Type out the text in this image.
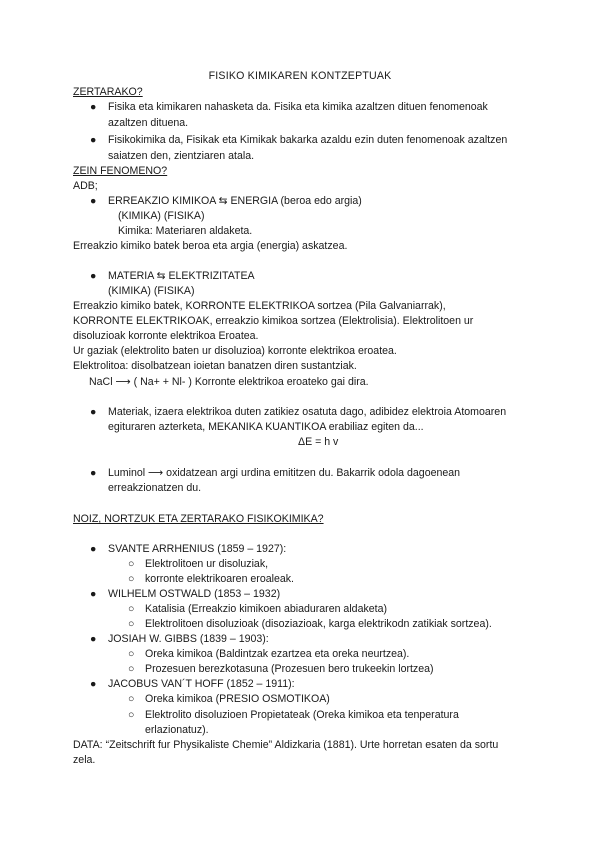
FISIKO KIMIKAREN KONTZEPTUAK
ZERTARAKO?
● Fisika eta kimikaren nahasketa da. Fisika eta kimika azaltzen dituen fenomenoak
azaltzen dituena.
● Fisikokimika da, Fisikak eta Kimikak bakarka azaldu ezin duten fenomenoak azaltzen
saiatzen den, zientziaren atala.
ZEIN FENOMENO?
ADB;
● ERREAKZIO KIMIKOA ⇆ ENERGIA (beroa edo argia)
(KIMIKA) (FISIKA)
Kimika: Materiaren aldaketa.
Erreakzio kimiko batek beroa eta argia (energia) askatzea.
● MATERIA ⇆ ELEKTRIZITATEA
(KIMIKA) (FISIKA)
Erreakzio kimiko batek, KORRONTE ELEKTRIKOA sortzea (Pila Galvaniarrak),
KORRONTE ELEKTRIKOAK, erreakzio kimikoa sortzea (Elektrolisia). Elektrolitoen ur
disoluzioak korronte elektrikoa Eroatea.
Ur gaziak (elektrolito baten ur disoluzioa) korronte elektrikoa eroatea.
Elektrolitoa: disolbatzean ioietan banatzen diren sustantziak.
NaCl ⟶ ( Na+ + Nl- ) Korronte elektrikoa eroateko gai dira.
● Materiak, izaera elektrikoa duten zatikiez osatuta dago, adibidez elektroia Atomoaren
egituraren azterketa, MEKANIKA KUANTIKOA erabiliaz egiten da...
ΔE = h v
● Luminol ⟶ oxidatzean argi urdina emititzen du. Bakarrik odola dagoenean
erreakzionatzen du.
NOIZ, NORTZUK ETA ZERTARAKO FISIKOKIMIKA?
● SVANTE ARRHENIUS (1859 – 1927):
○ Elektrolitoen ur disoluziak,
○ korronte elektrikoaren eroaleak.
● WILHELM OSTWALD (1853 – 1932)
○ Katalisia (Erreakzio kimikoen abiaduraren aldaketa)
○ Elektrolitoen disoluzioak (disoziazioak, karga elektrikodn zatikiak sortzea).
● JOSIAH W. GIBBS (1839 – 1903):
○ Oreka kimikoa (Baldintzak ezartzea eta oreka neurtzea).
○ Prozesuen berezkotasuna (Prozesuen bero trukeekin lortzea)
● JACOBUS VAN´T HOFF (1852 – 1911):
○ Oreka kimikoa (PRESIO OSMOTIKOA)
○ Elektrolito disoluzioen Propietateak (Oreka kimikoa eta tenperatura
erlazionatuz).
DATA: “Zeitschrift fur Physikaliste Chemie” Aldizkaria (1881). Urte horretan esaten da sortu
zela.
